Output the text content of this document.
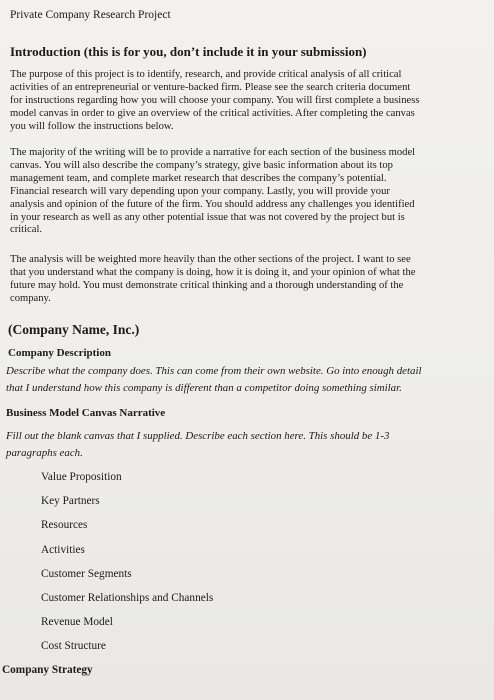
Private Company Research Project
Introduction (this is for you, don’t include it in your submission)
The purpose of this project is to identify, research, and provide critical analysis of all critical
activities of an entrepreneurial or venture-backed firm. Please see the search criteria document
for instructions regarding how you will choose your company. You will first complete a business
model canvas in order to give an overview of the critical activities. After completing the canvas
you will follow the instructions below.
The majority of the writing will be to provide a narrative for each section of the business model
canvas. You will also describe the company’s strategy, give basic information about its top
management team, and complete market research that describes the company’s potential.
Financial research will vary depending upon your company. Lastly, you will provide your
analysis and opinion of the future of the firm. You should address any challenges you identified
in your research as well as any other potential issue that was not covered by the project but is
critical.
The analysis will be weighted more heavily than the other sections of the project. I want to see
that you understand what the company is doing, how it is doing it, and your opinion of what the
future may hold. You must demonstrate critical thinking and a thorough understanding of the
company.
(Company Name, Inc.)
Company Description
Describe what the company does. This can come from their own website. Go into enough detail
that I understand how this company is different than a competitor doing something similar.
Business Model Canvas Narrative
Fill out the blank canvas that I supplied. Describe each section here. This should be 1-3
paragraphs each.
Value Proposition
Key Partners
Resources
Activities
Customer Segments
Customer Relationships and Channels
Revenue Model
Cost Structure
Company Strategy
